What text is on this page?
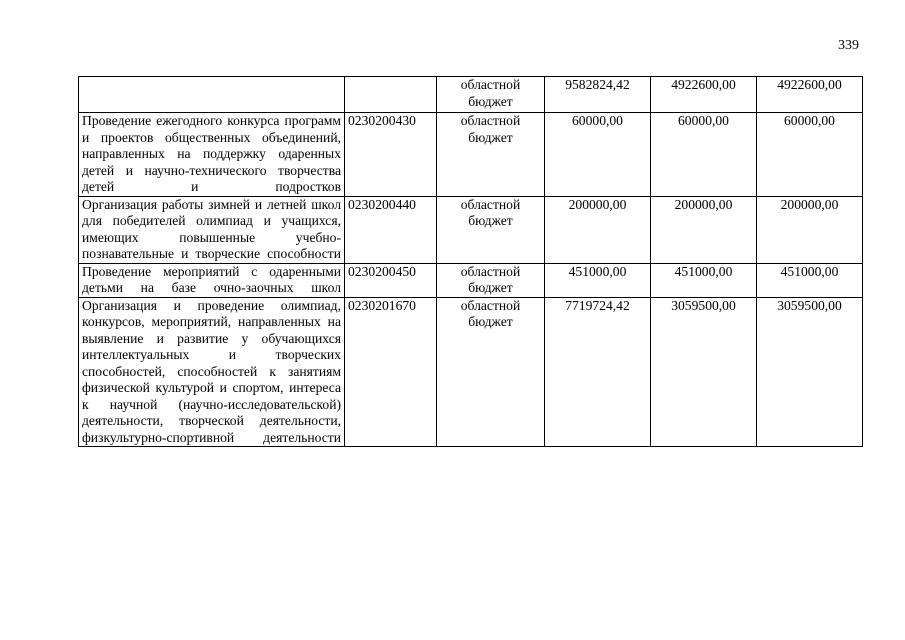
339
		областной бюджет	9582824,42	4922600,00	4922600,00
Проведение ежегодного конкурса программ и проектов общественных объединений, направленных на поддержку одаренных детей и научно-технического творчества детей и подростков	0230200430	областной бюджет	60000,00	60000,00	60000,00
Организация работы зимней и летней школ для победителей олимпиад и учащихся, имеющих повышенные учебно-познавательные и творческие способности	0230200440	областной бюджет	200000,00	200000,00	200000,00
Проведение мероприятий с одаренными детьми на базе очно-заочных школ	0230200450	областной бюджет	451000,00	451000,00	451000,00
Организация и проведение олимпиад, конкурсов, мероприятий, направленных на выявление и развитие у обучающихся интеллектуальных и творческих способностей, способностей к занятиям физической культурой и спортом, интереса к научной (научно-исследовательской) деятельности, творческой деятельности, физкультурно-спортивной деятельности	0230201670	областной бюджет	7719724,42	3059500,00	3059500,00
